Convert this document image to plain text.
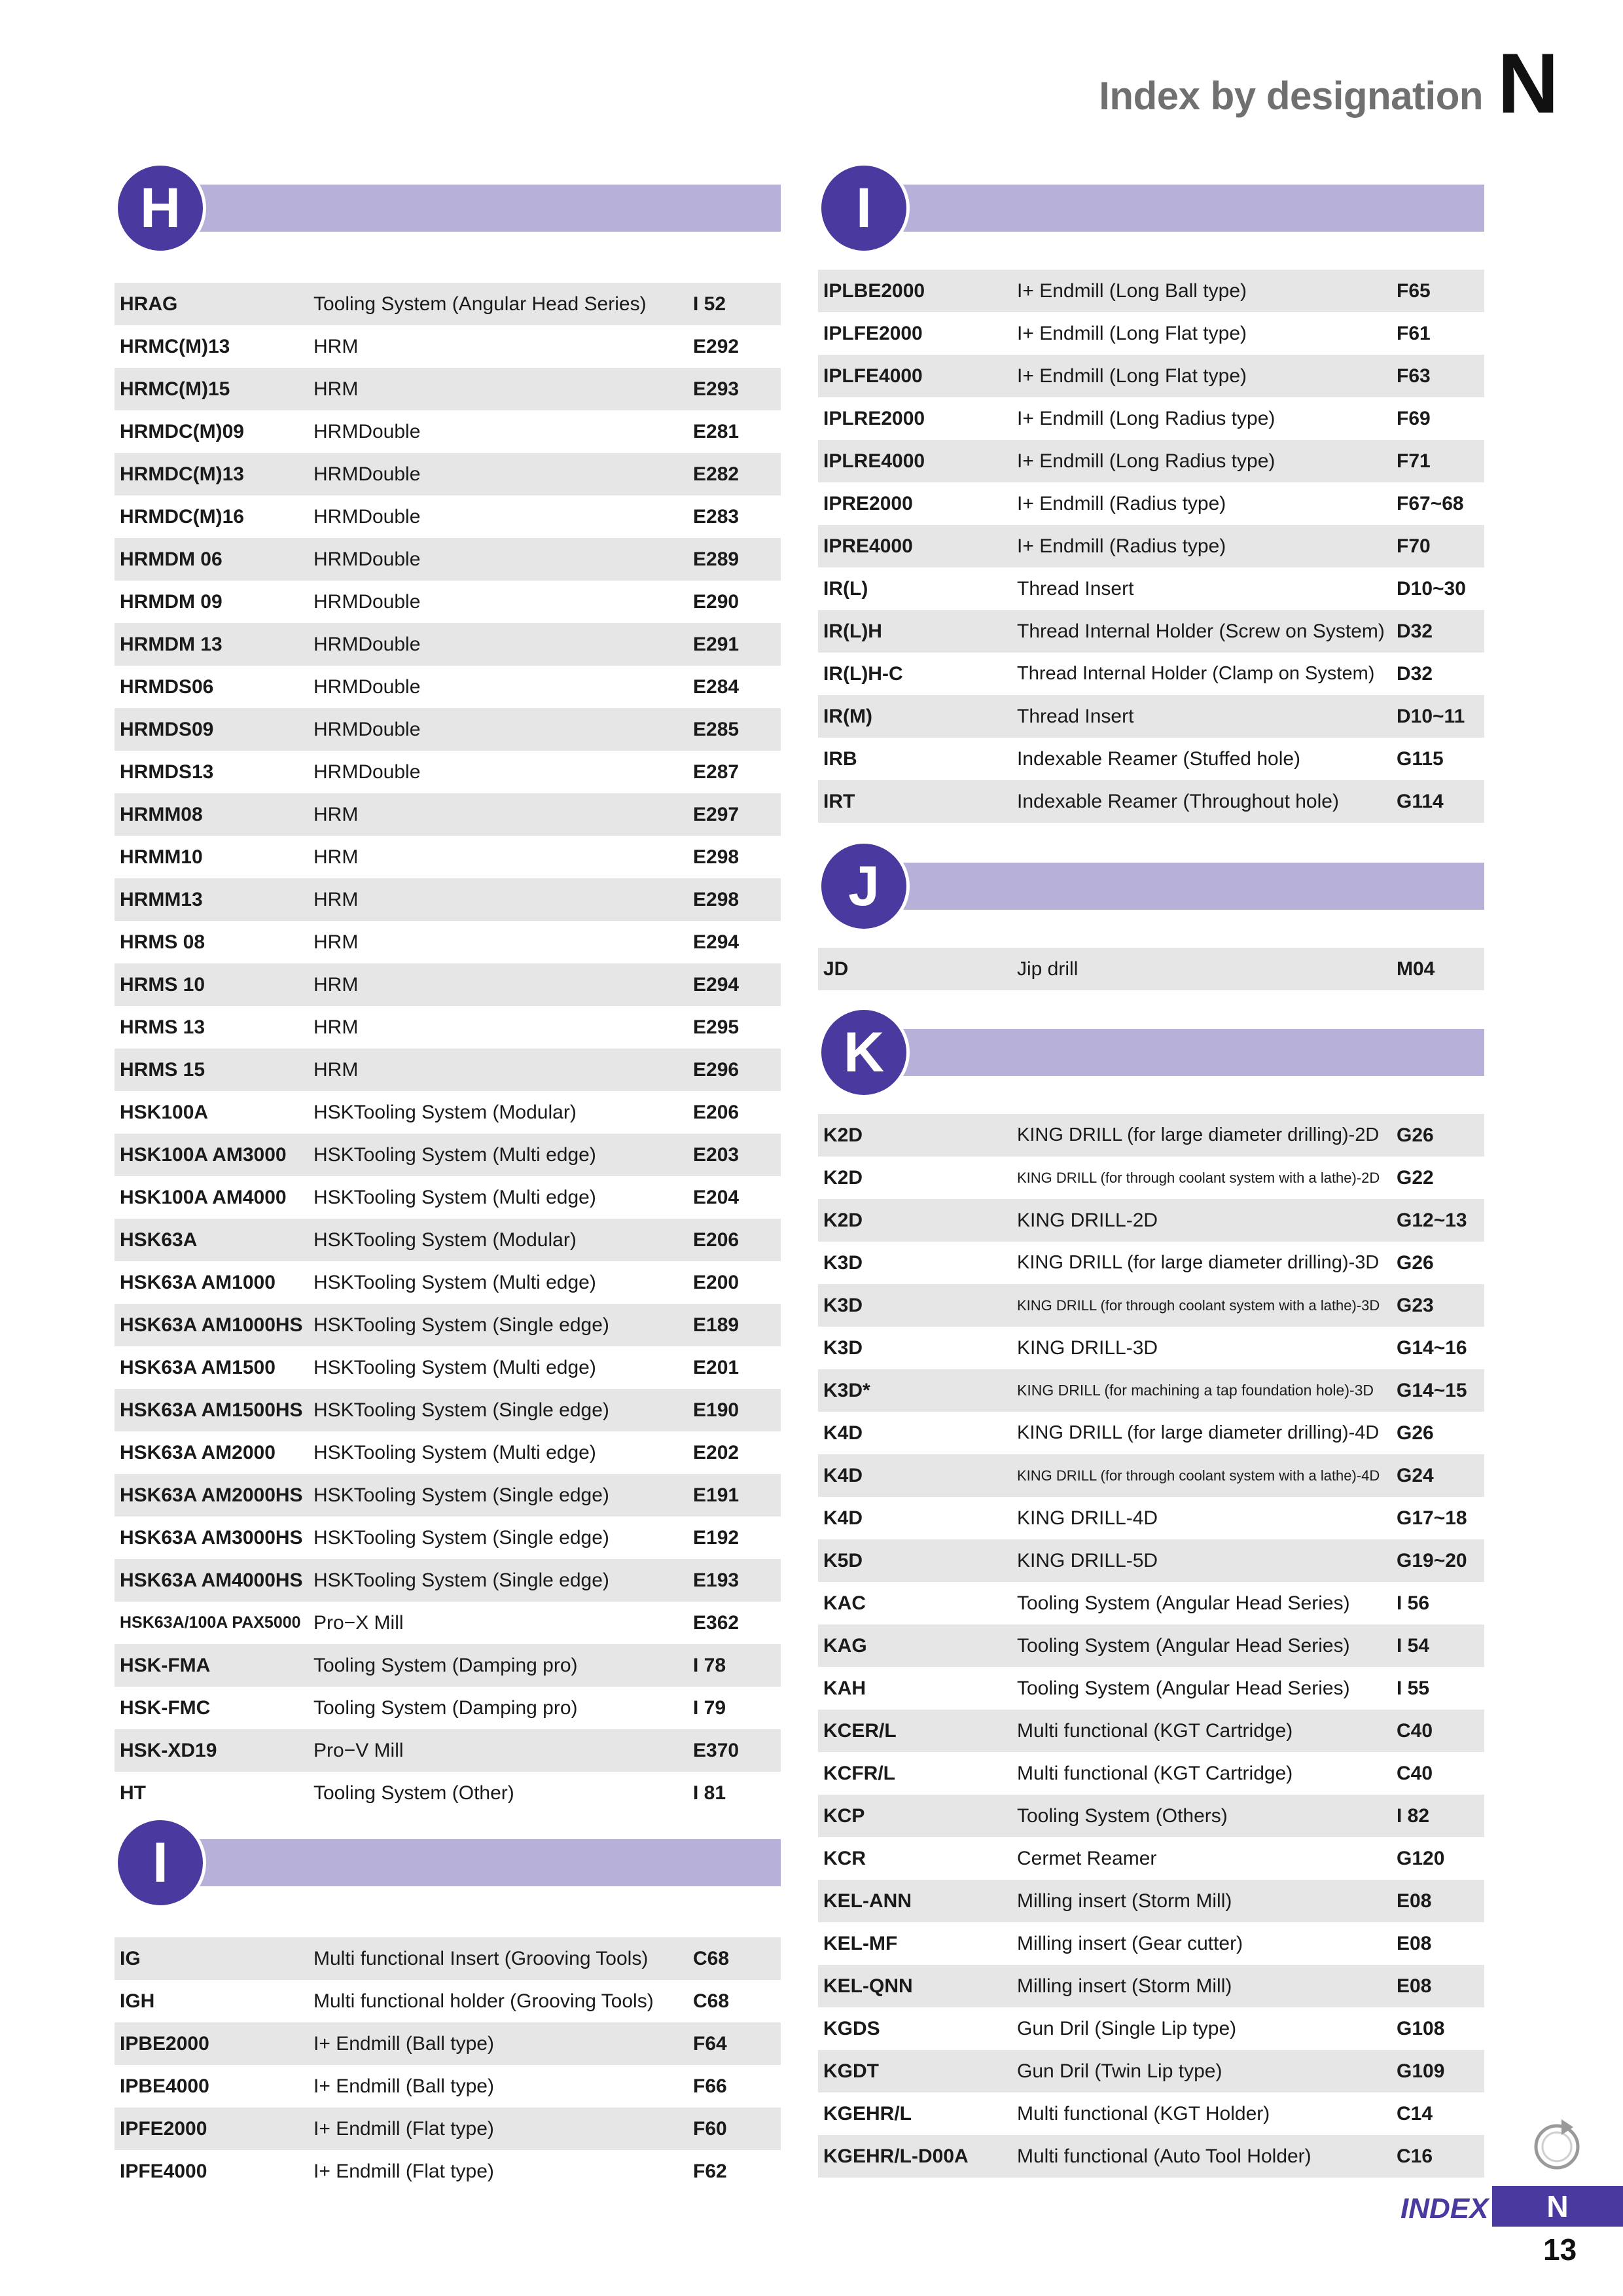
Index by designation N
H
HRAG	Tooling System (Angular Head Series)	I 52
HRMC(M)13	HRM	E292
HRMC(M)15	HRM	E293
HRMDC(M)09	HRMDouble	E281
HRMDC(M)13	HRMDouble	E282
HRMDC(M)16	HRMDouble	E283
HRMDM 06	HRMDouble	E289
HRMDM 09	HRMDouble	E290
HRMDM 13	HRMDouble	E291
HRMDS06	HRMDouble	E284
HRMDS09	HRMDouble	E285
HRMDS13	HRMDouble	E287
HRMM08	HRM	E297
HRMM10	HRM	E298
HRMM13	HRM	E298
HRMS 08	HRM	E294
HRMS 10	HRM	E294
HRMS 13	HRM	E295
HRMS 15	HRM	E296
HSK100A	HSKTooling System (Modular)	E206
HSK100A AM3000	HSKTooling System (Multi edge)	E203
HSK100A AM4000	HSKTooling System (Multi edge)	E204
HSK63A	HSKTooling System (Modular)	E206
HSK63A AM1000	HSKTooling System (Multi edge)	E200
HSK63A AM1000HS	HSKTooling System (Single edge)	E189
HSK63A AM1500	HSKTooling System (Multi edge)	E201
HSK63A AM1500HS	HSKTooling System (Single edge)	E190
HSK63A AM2000	HSKTooling System (Multi edge)	E202
HSK63A AM2000HS	HSKTooling System (Single edge)	E191
HSK63A AM3000HS	HSKTooling System (Single edge)	E192
HSK63A AM4000HS	HSKTooling System (Single edge)	E193
HSK63A/100A PAX5000	Pro−X Mill	E362
HSK-FMA	Tooling System (Damping pro)	I 78
HSK-FMC	Tooling System (Damping pro)	I 79
HSK-XD19	Pro−V Mill	E370
HT	Tooling System (Other)	I 81
I
IG	Multi functional Insert (Grooving Tools)	C68
IGH	Multi functional holder (Grooving Tools)	C68
IPBE2000	I+ Endmill (Ball type)	F64
IPBE4000	I+ Endmill (Ball type)	F66
IPFE2000	I+ Endmill (Flat type)	F60
IPFE4000	I+ Endmill (Flat type)	F62
I
IPLBE2000	I+ Endmill (Long Ball type)	F65
IPLFE2000	I+ Endmill (Long Flat type)	F61
IPLFE4000	I+ Endmill (Long Flat type)	F63
IPLRE2000	I+ Endmill (Long Radius type)	F69
IPLRE4000	I+ Endmill (Long Radius type)	F71
IPRE2000	I+ Endmill (Radius type)	F67~68
IPRE4000	I+ Endmill (Radius type)	F70
IR(L)	Thread Insert	D10~30
IR(L)H	Thread Internal Holder (Screw on System)	D32
IR(L)H-C	Thread Internal Holder (Clamp on System)	D32
IR(M)	Thread Insert	D10~11
IRB	Indexable Reamer (Stuffed hole)	G115
IRT	Indexable Reamer (Throughout hole)	G114
J
JD	Jip drill	M04
K
K2D	KING DRILL (for large diameter drilling)-2D	G26
K2D	KING DRILL (for through coolant system with a lathe)-2D	G22
K2D	KING DRILL-2D	G12~13
K3D	KING DRILL (for large diameter drilling)-3D	G26
K3D	KING DRILL (for through coolant system with a lathe)-3D	G23
K3D	KING DRILL-3D	G14~16
K3D*	KING DRILL (for machining a tap foundation hole)-3D	G14~15
K4D	KING DRILL (for large diameter drilling)-4D	G26
K4D	KING DRILL (for through coolant system with a lathe)-4D	G24
K4D	KING DRILL-4D	G17~18
K5D	KING DRILL-5D	G19~20
KAC	Tooling System (Angular Head Series)	I 56
KAG	Tooling System (Angular Head Series)	I 54
KAH	Tooling System (Angular Head Series)	I 55
KCER/L	Multi functional (KGT Cartridge)	C40
KCFR/L	Multi functional (KGT Cartridge)	C40
KCP	Tooling System (Others)	I 82
KCR	Cermet Reamer	G120
KEL-ANN	Milling insert (Storm Mill)	E08
KEL-MF	Milling insert (Gear cutter)	E08
KEL-QNN	Milling insert (Storm Mill)	E08
KGDS	Gun Dril (Single Lip type)	G108
KGDT	Gun Dril (Twin Lip type)	G109
KGEHR/L	Multi functional (KGT Holder)	C14
KGEHR/L-D00A	Multi functional (Auto Tool Holder)	C16
INDEX	N
13
